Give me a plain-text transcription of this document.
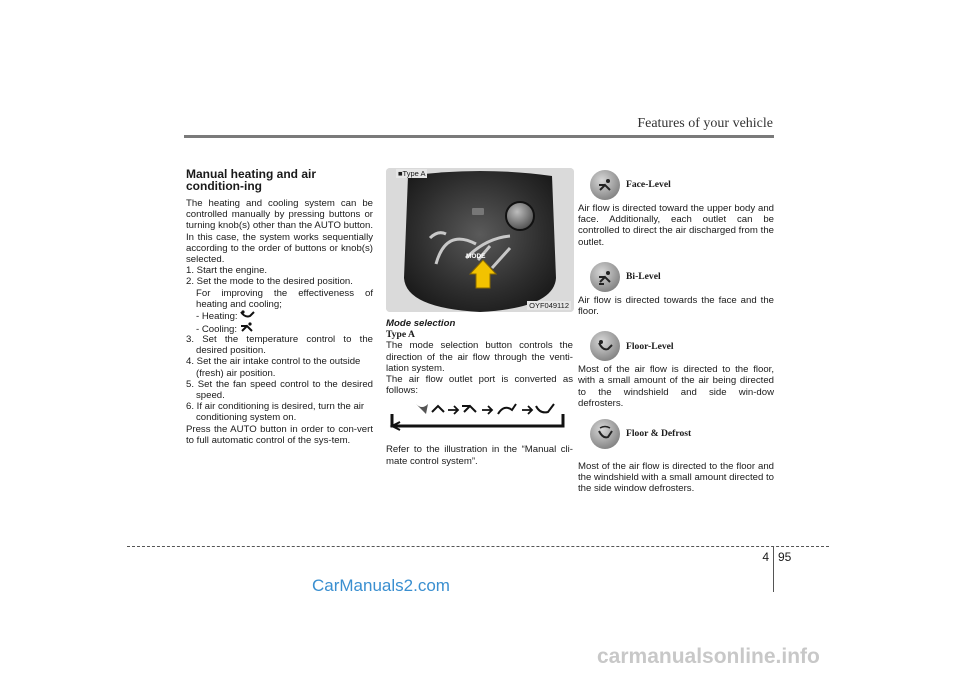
Features of your vehicle

Manual heating and air condition-ing

The heating and cooling system can be controlled manually by pressing buttons or turning knob(s) other than the AUTO button. In this case, the system works sequentially according to the order of buttons or knob(s) selected.

1. Start the engine.

2. Set the mode to the desired position.

For improving the effectiveness of heating and cooling;

- Heating:

- Cooling:

3. Set the temperature control to the desired position.

4. Set the air intake control to the outside (fresh) air position.

5. Set the fan speed control to the desired speed.

6. If air conditioning is desired, turn the air conditioning system on.

Press the AUTO button in order to con-vert to full automatic control of the sys-tem.

■Type A
MODE
OYF049112

Mode selection

Type A

The mode selection button controls the direction of the air flow through the venti-lation system.

The air flow outlet port is converted as follows:

Refer to the illustration in the “Manual cli-mate control system”.

Face-Level

Air flow is directed toward the upper body and face. Additionally, each outlet can be controlled to direct the air discharged from the outlet.

Bi-Level

Air flow is directed towards the face and the floor.

Floor-Level

Most of the air flow is directed to the floor, with a small amount of the air being directed to the windshield and side win-dow defrosters.

Floor & Defrost

Most of the air flow is directed to the floor and the windshield with a small amount directed to the side window defrosters.

4 95
CarManuals2.com
carmanualsonline.info
